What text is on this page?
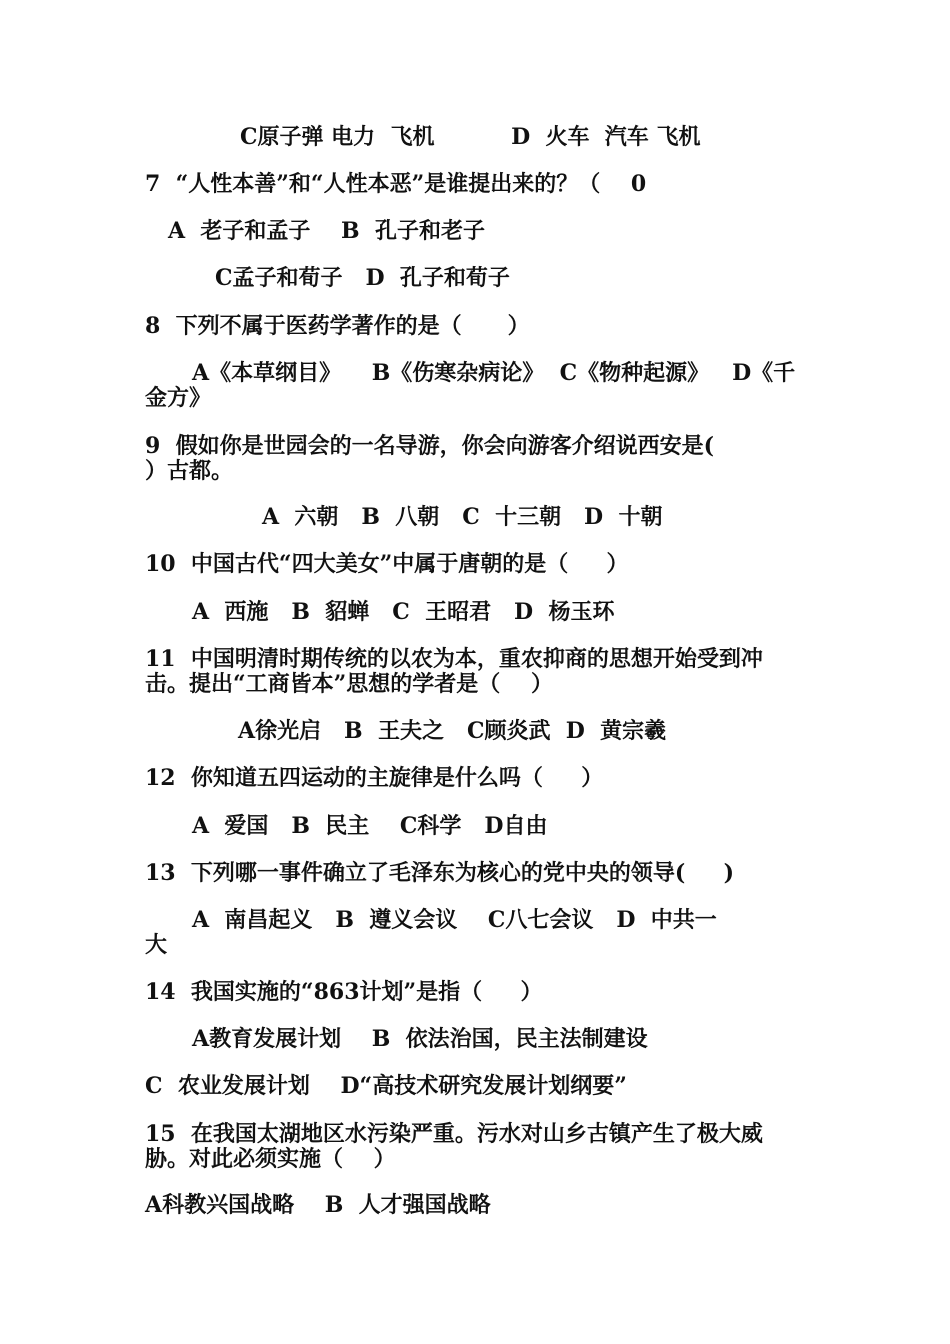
C原子弹 电力  飞机          D  火车  汽车 飞机
7  “人性本善”和“人性本恶”是谁提出来的？（    0
A  老子和孟子    B  孔子和老子
C孟子和荀子   D  孔子和荀子
8  下列不属于医药学著作的是（      ）
A《本草纲目》    B《伤寒杂病论》  C《物种起源》   D《千
金方》
9  假如你是世园会的一名导游，你会向游客介绍说西安是(
）古都。
A  六朝   B  八朝   C  十三朝   D  十朝
10  中国古代“四大美女”中属于唐朝的是（     ）
A  西施   B  貂蝉   C  王昭君   D  杨玉环
11  中国明清时期传统的以农为本，重农抑商的思想开始受到冲
击。提出“工商皆本”思想的学者是（    ）
A徐光启   B  王夫之   C顾炎武  D  黄宗羲
12  你知道五四运动的主旋律是什么吗（     ）
A  爱国   B  民主    C科学   D自由
13  下列哪一事件确立了毛泽东为核心的党中央的领导(     )
A  南昌起义   B  遵义会议    C八七会议   D  中共一
大
14  我国实施的“863计划”是指（     ）
A教育发展计划    B  依法治国，民主法制建设
C  农业发展计划    D“高技术研究发展计划纲要”
15  在我国太湖地区水污染严重。污水对山乡古镇产生了极大威
胁。对此必须实施（    ）
A科教兴国战略    B  人才强国战略
